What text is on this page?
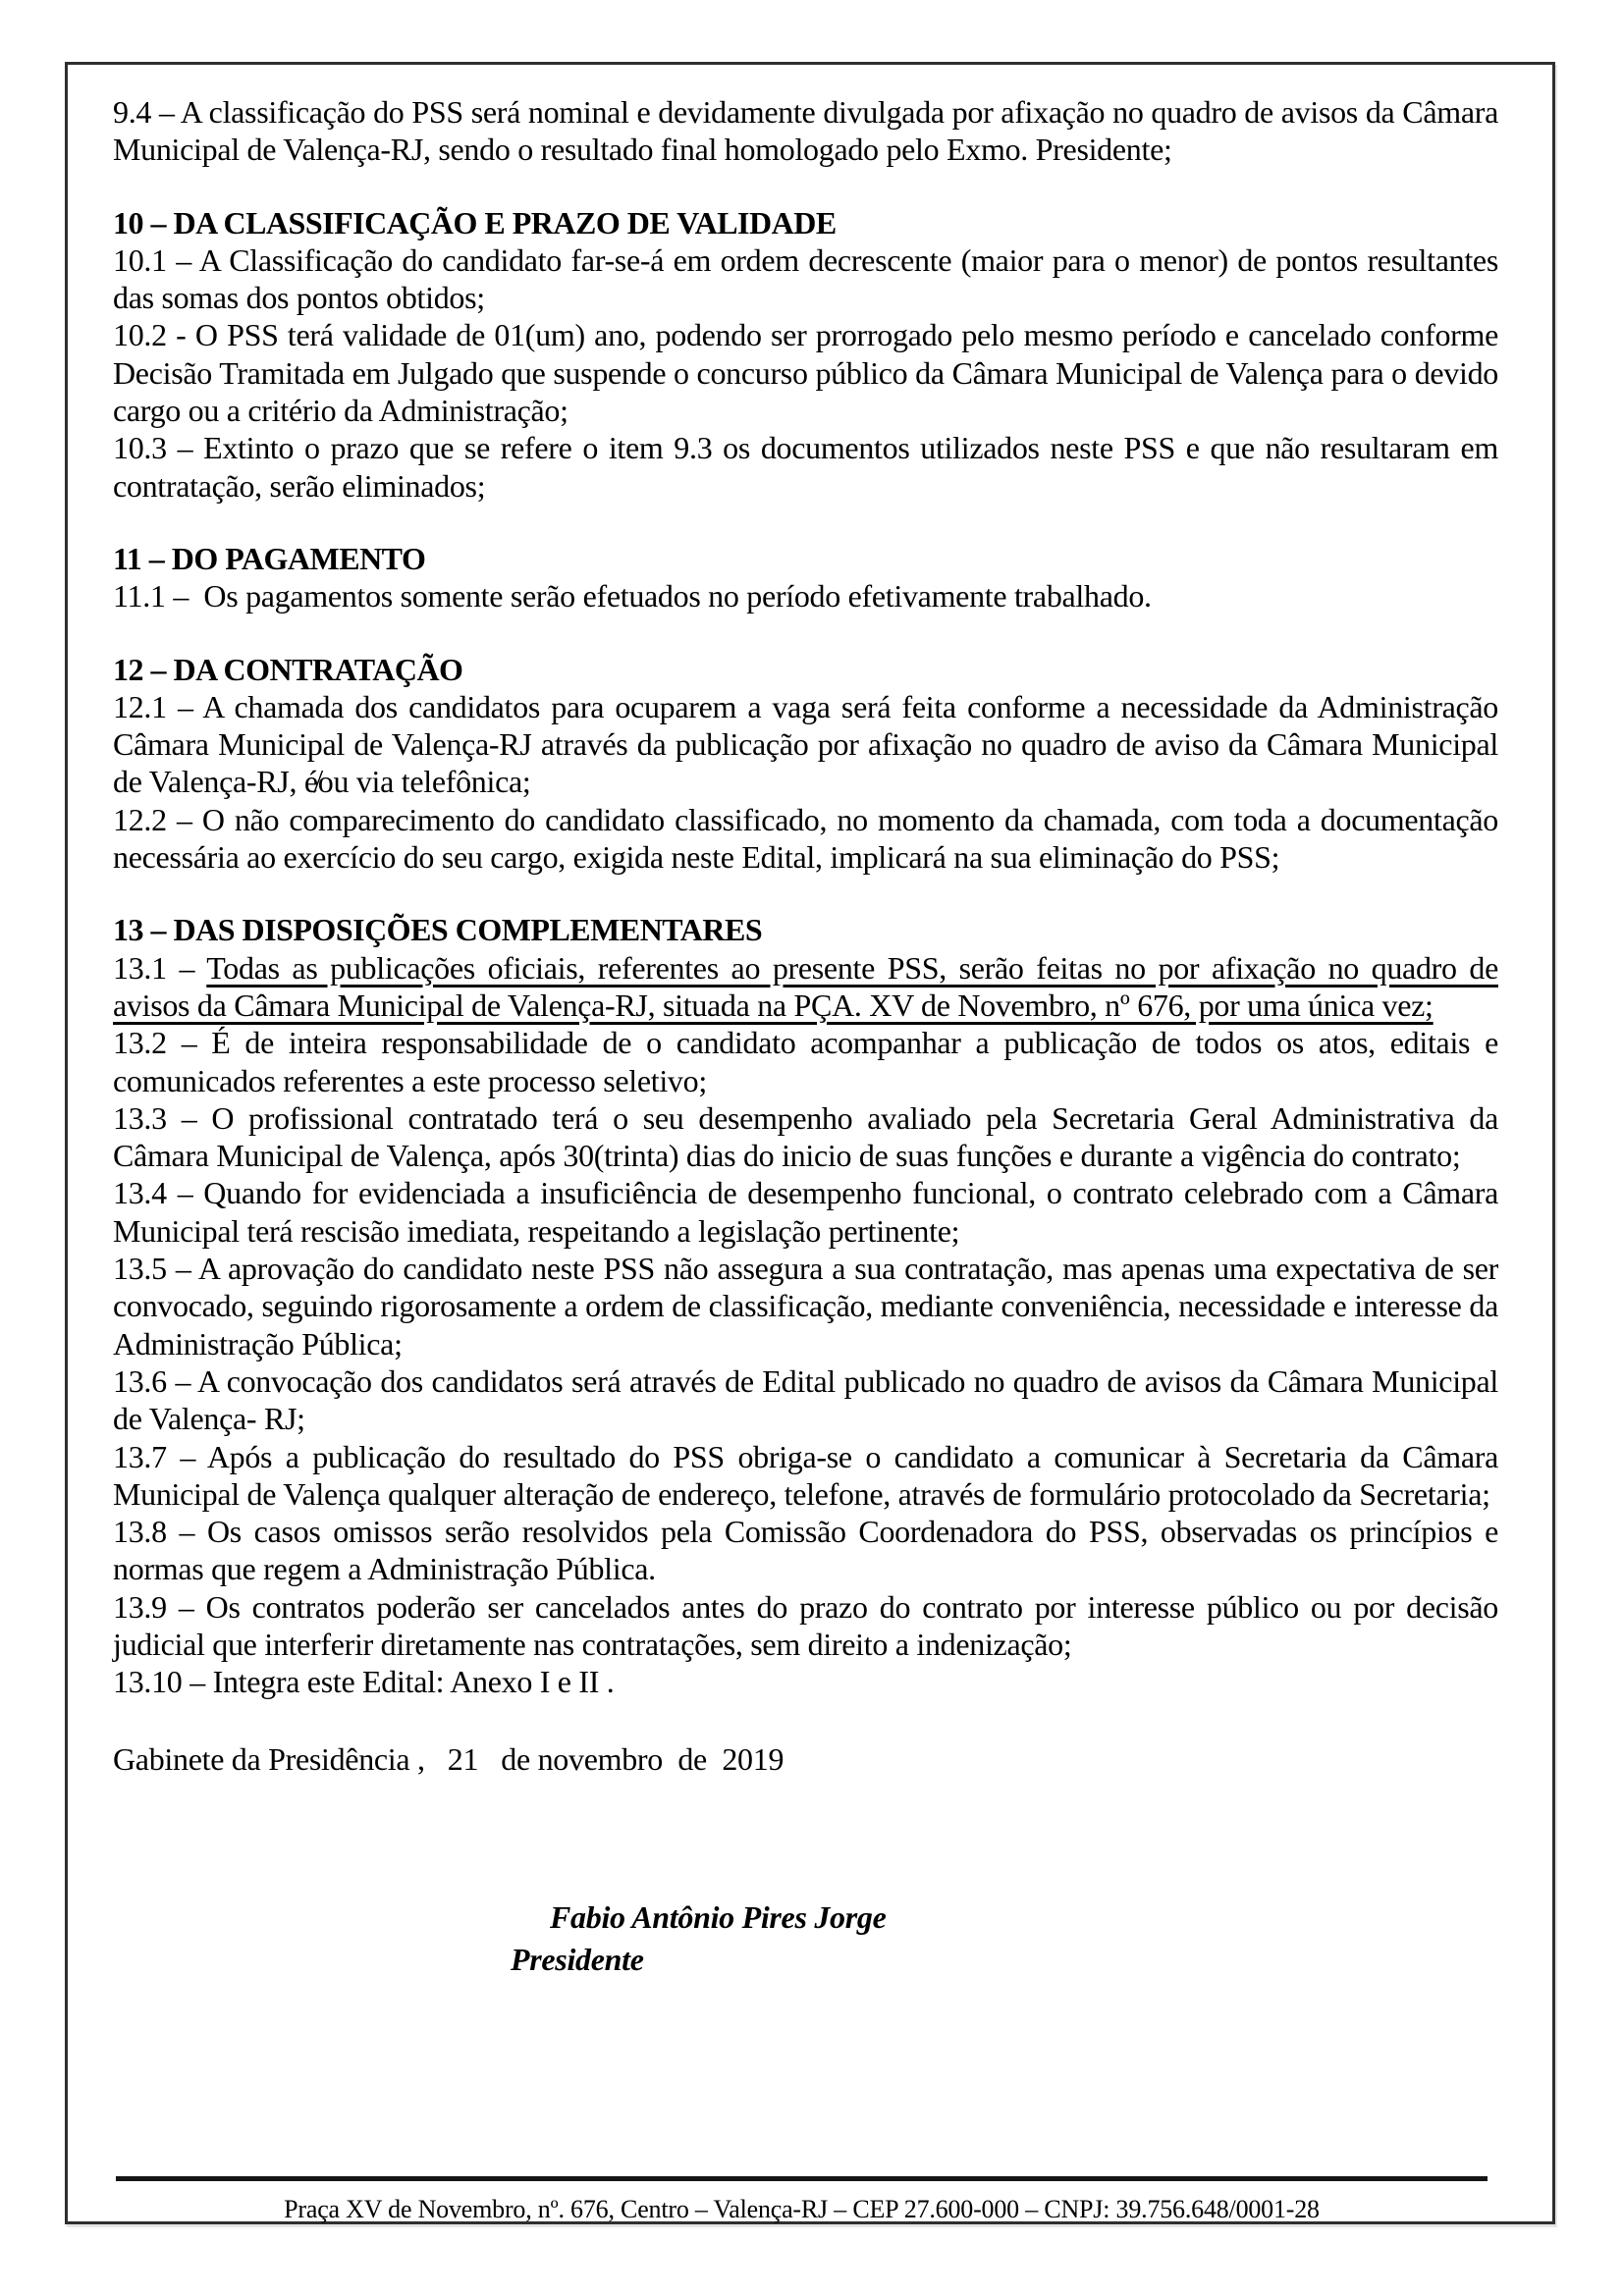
9.4 – A classificação do PSS será nominal e devidamente divulgada por afixação no quadro de avisos da Câmara Municipal de Valença-RJ, sendo o resultado final homologado pelo Exmo. Presidente;

10 – DA CLASSIFICAÇÃO E PRAZO DE VALIDADE

10.1 – A Classificação do candidato far-se-á em ordem decrescente (maior para o menor) de pontos resultantes das somas dos pontos obtidos;

10.2 - O PSS terá validade de 01(um) ano, podendo ser prorrogado pelo mesmo período e cancelado conforme Decisão Tramitada em Julgado que suspende o concurso público da Câmara Municipal de Valença para o devido cargo ou a critério da Administração;

10.3 – Extinto o prazo que se refere o item 9.3 os documentos utilizados neste PSS e que não resultaram em contratação, serão eliminados;

11 – DO PAGAMENTO

11.1 –  Os pagamentos somente serão efetuados no período efetivamente trabalhado.

12 – DA CONTRATAÇÃO

12.1 – A chamada dos candidatos para ocuparem a vaga será feita conforme a necessidade da Administração Câmara Municipal de Valença-RJ através da publicação por afixação no quadro de aviso da Câmara Municipal de Valença-RJ, é̸ou via telefônica;

12.2 – O não comparecimento do candidato classificado, no momento da chamada, com toda a documentação necessária ao exercício do seu cargo, exigida neste Edital, implicará na sua eliminação do PSS;

13 – DAS DISPOSIÇÕES COMPLEMENTARES

13.1 – Todas as publicações oficiais, referentes ao presente PSS, serão feitas no por afixação no quadro de avisos da Câmara Municipal de Valença-RJ, situada na PÇA. XV de Novembro, nº 676, por uma única vez;

13.2 – É de inteira responsabilidade de o candidato acompanhar a publicação de todos os atos, editais e comunicados referentes a este processo seletivo;

13.3 – O profissional contratado terá o seu desempenho avaliado pela Secretaria Geral Administrativa da Câmara Municipal de Valença, após 30(trinta) dias do inicio de suas funções e durante a vigência do contrato;

13.4 – Quando for evidenciada a insuficiência de desempenho funcional, o contrato celebrado com a Câmara Municipal terá rescisão imediata, respeitando a legislação pertinente;

13.5 – A aprovação do candidato neste PSS não assegura a sua contratação, mas apenas uma expectativa de ser convocado, seguindo rigorosamente a ordem de classificação, mediante conveniência, necessidade e interesse da Administração Pública;

13.6 – A convocação dos candidatos será através de Edital publicado no quadro de avisos da Câmara Municipal de Valença- RJ;

13.7 – Após a publicação do resultado do PSS obriga-se o candidato a comunicar à Secretaria da Câmara Municipal de Valença qualquer alteração de endereço, telefone, através de formulário protocolado da Secretaria;

13.8 – Os casos omissos serão resolvidos pela Comissão Coordenadora do PSS, observadas os princípios e normas que regem a Administração Pública.

13.9 – Os contratos poderão ser cancelados antes do prazo do contrato por interesse público ou por decisão judicial que interferir diretamente nas contratações, sem direito a indenização;

13.10 – Integra este Edital: Anexo I e II .

Gabinete da Presidência ,   21   de novembro  de  2019

Fabio Antônio Pires Jorge

Presidente

Praça XV de Novembro, nº. 676, Centro – Valença-RJ – CEP 27.600-000 – CNPJ: 39.756.648/0001-28
